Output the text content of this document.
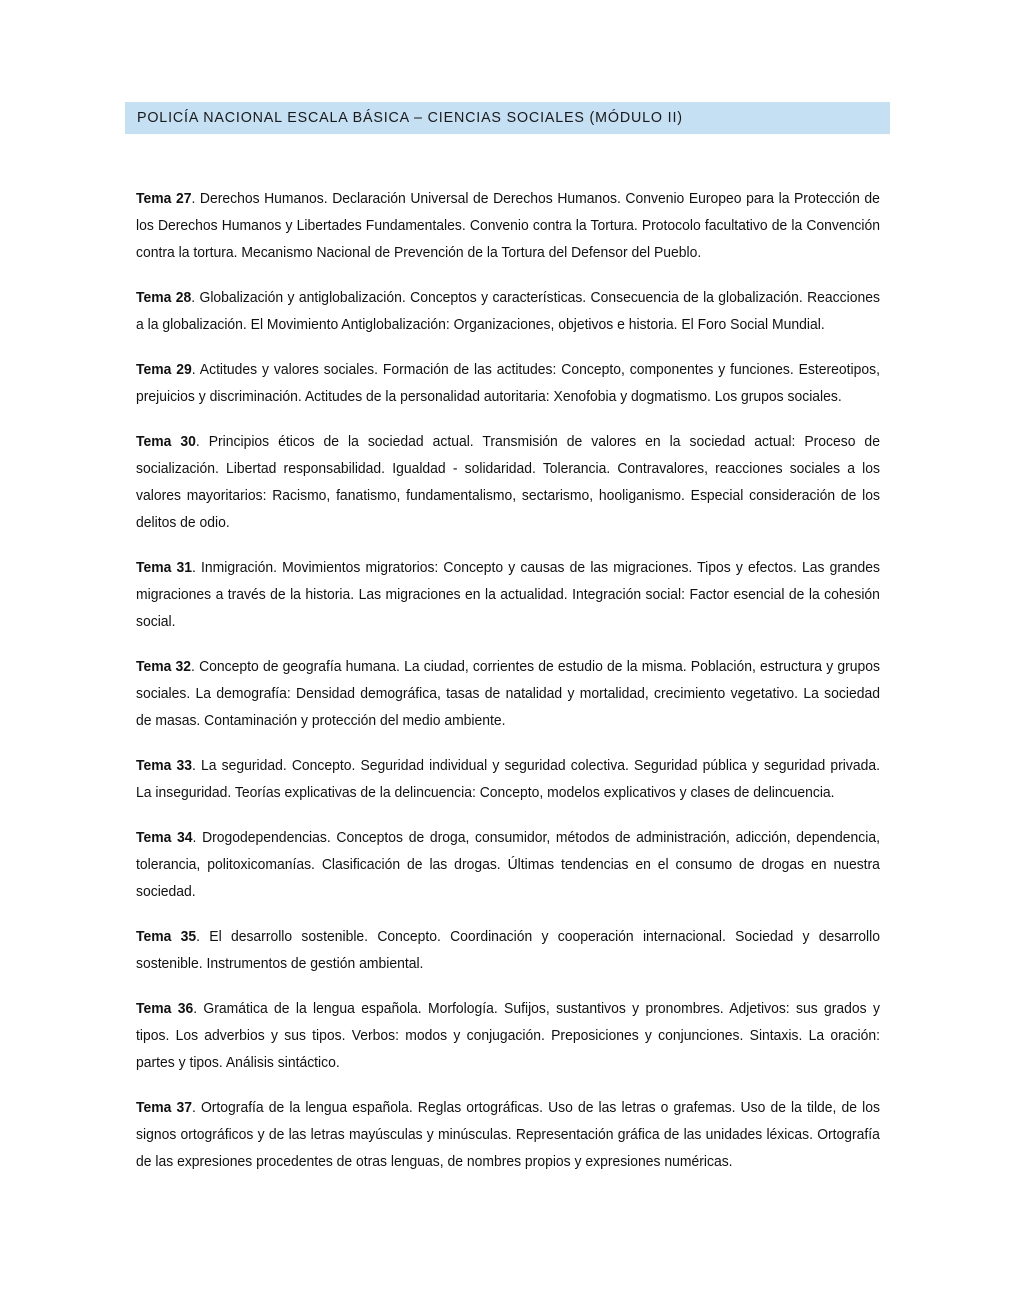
POLICÍA NACIONAL ESCALA BÁSICA – CIENCIAS SOCIALES (MÓDULO II)

Tema 27. Derechos Humanos. Declaración Universal de Derechos Humanos. Convenio Europeo para la Protección de los Derechos Humanos y Libertades Fundamentales. Convenio contra la Tortura. Protocolo facultativo de la Convención contra la tortura. Mecanismo Nacional de Prevención de la Tortura del Defensor del Pueblo.

Tema 28. Globalización y antiglobalización. Conceptos y características. Consecuencia de la globalización. Reacciones a la globalización. El Movimiento Antiglobalización: Organizaciones, objetivos e historia. El Foro Social Mundial.

Tema 29. Actitudes y valores sociales. Formación de las actitudes: Concepto, componentes y funciones. Estereotipos, prejuicios y discriminación. Actitudes de la personalidad autoritaria: Xenofobia y dogmatismo. Los grupos sociales.

Tema 30. Principios éticos de la sociedad actual. Transmisión de valores en la sociedad actual: Proceso de socialización. Libertad responsabilidad. Igualdad - solidaridad. Tolerancia. Contravalores, reacciones sociales a los valores mayoritarios: Racismo, fanatismo, fundamentalismo, sectarismo, hooliganismo. Especial consideración de los delitos de odio.

Tema 31. Inmigración. Movimientos migratorios: Concepto y causas de las migraciones. Tipos y efectos. Las grandes migraciones a través de la historia. Las migraciones en la actualidad. Integración social: Factor esencial de la cohesión social.

Tema 32. Concepto de geografía humana. La ciudad, corrientes de estudio de la misma. Población, estructura y grupos sociales. La demografía: Densidad demográfica, tasas de natalidad y mortalidad, crecimiento vegetativo. La sociedad de masas. Contaminación y protección del medio ambiente.

Tema 33. La seguridad. Concepto. Seguridad individual y seguridad colectiva. Seguridad pública y seguridad privada. La inseguridad. Teorías explicativas de la delincuencia: Concepto, modelos explicativos y clases de delincuencia.

Tema 34. Drogodependencias. Conceptos de droga, consumidor, métodos de administración, adicción, dependencia, tolerancia, politoxicomanías. Clasificación de las drogas. Últimas tendencias en el consumo de drogas en nuestra sociedad.

Tema 35. El desarrollo sostenible. Concepto. Coordinación y cooperación internacional. Sociedad y desarrollo sostenible. Instrumentos de gestión ambiental.

Tema 36. Gramática de la lengua española. Morfología. Sufijos, sustantivos y pronombres. Adjetivos: sus grados y tipos. Los adverbios y sus tipos. Verbos: modos y conjugación. Preposiciones y conjunciones. Sintaxis. La oración: partes y tipos. Análisis sintáctico.

Tema 37. Ortografía de la lengua española. Reglas ortográficas. Uso de las letras o grafemas. Uso de la tilde, de los signos ortográficos y de las letras mayúsculas y minúsculas. Representación gráfica de las unidades léxicas. Ortografía de las expresiones procedentes de otras lenguas, de nombres propios y expresiones numéricas.
